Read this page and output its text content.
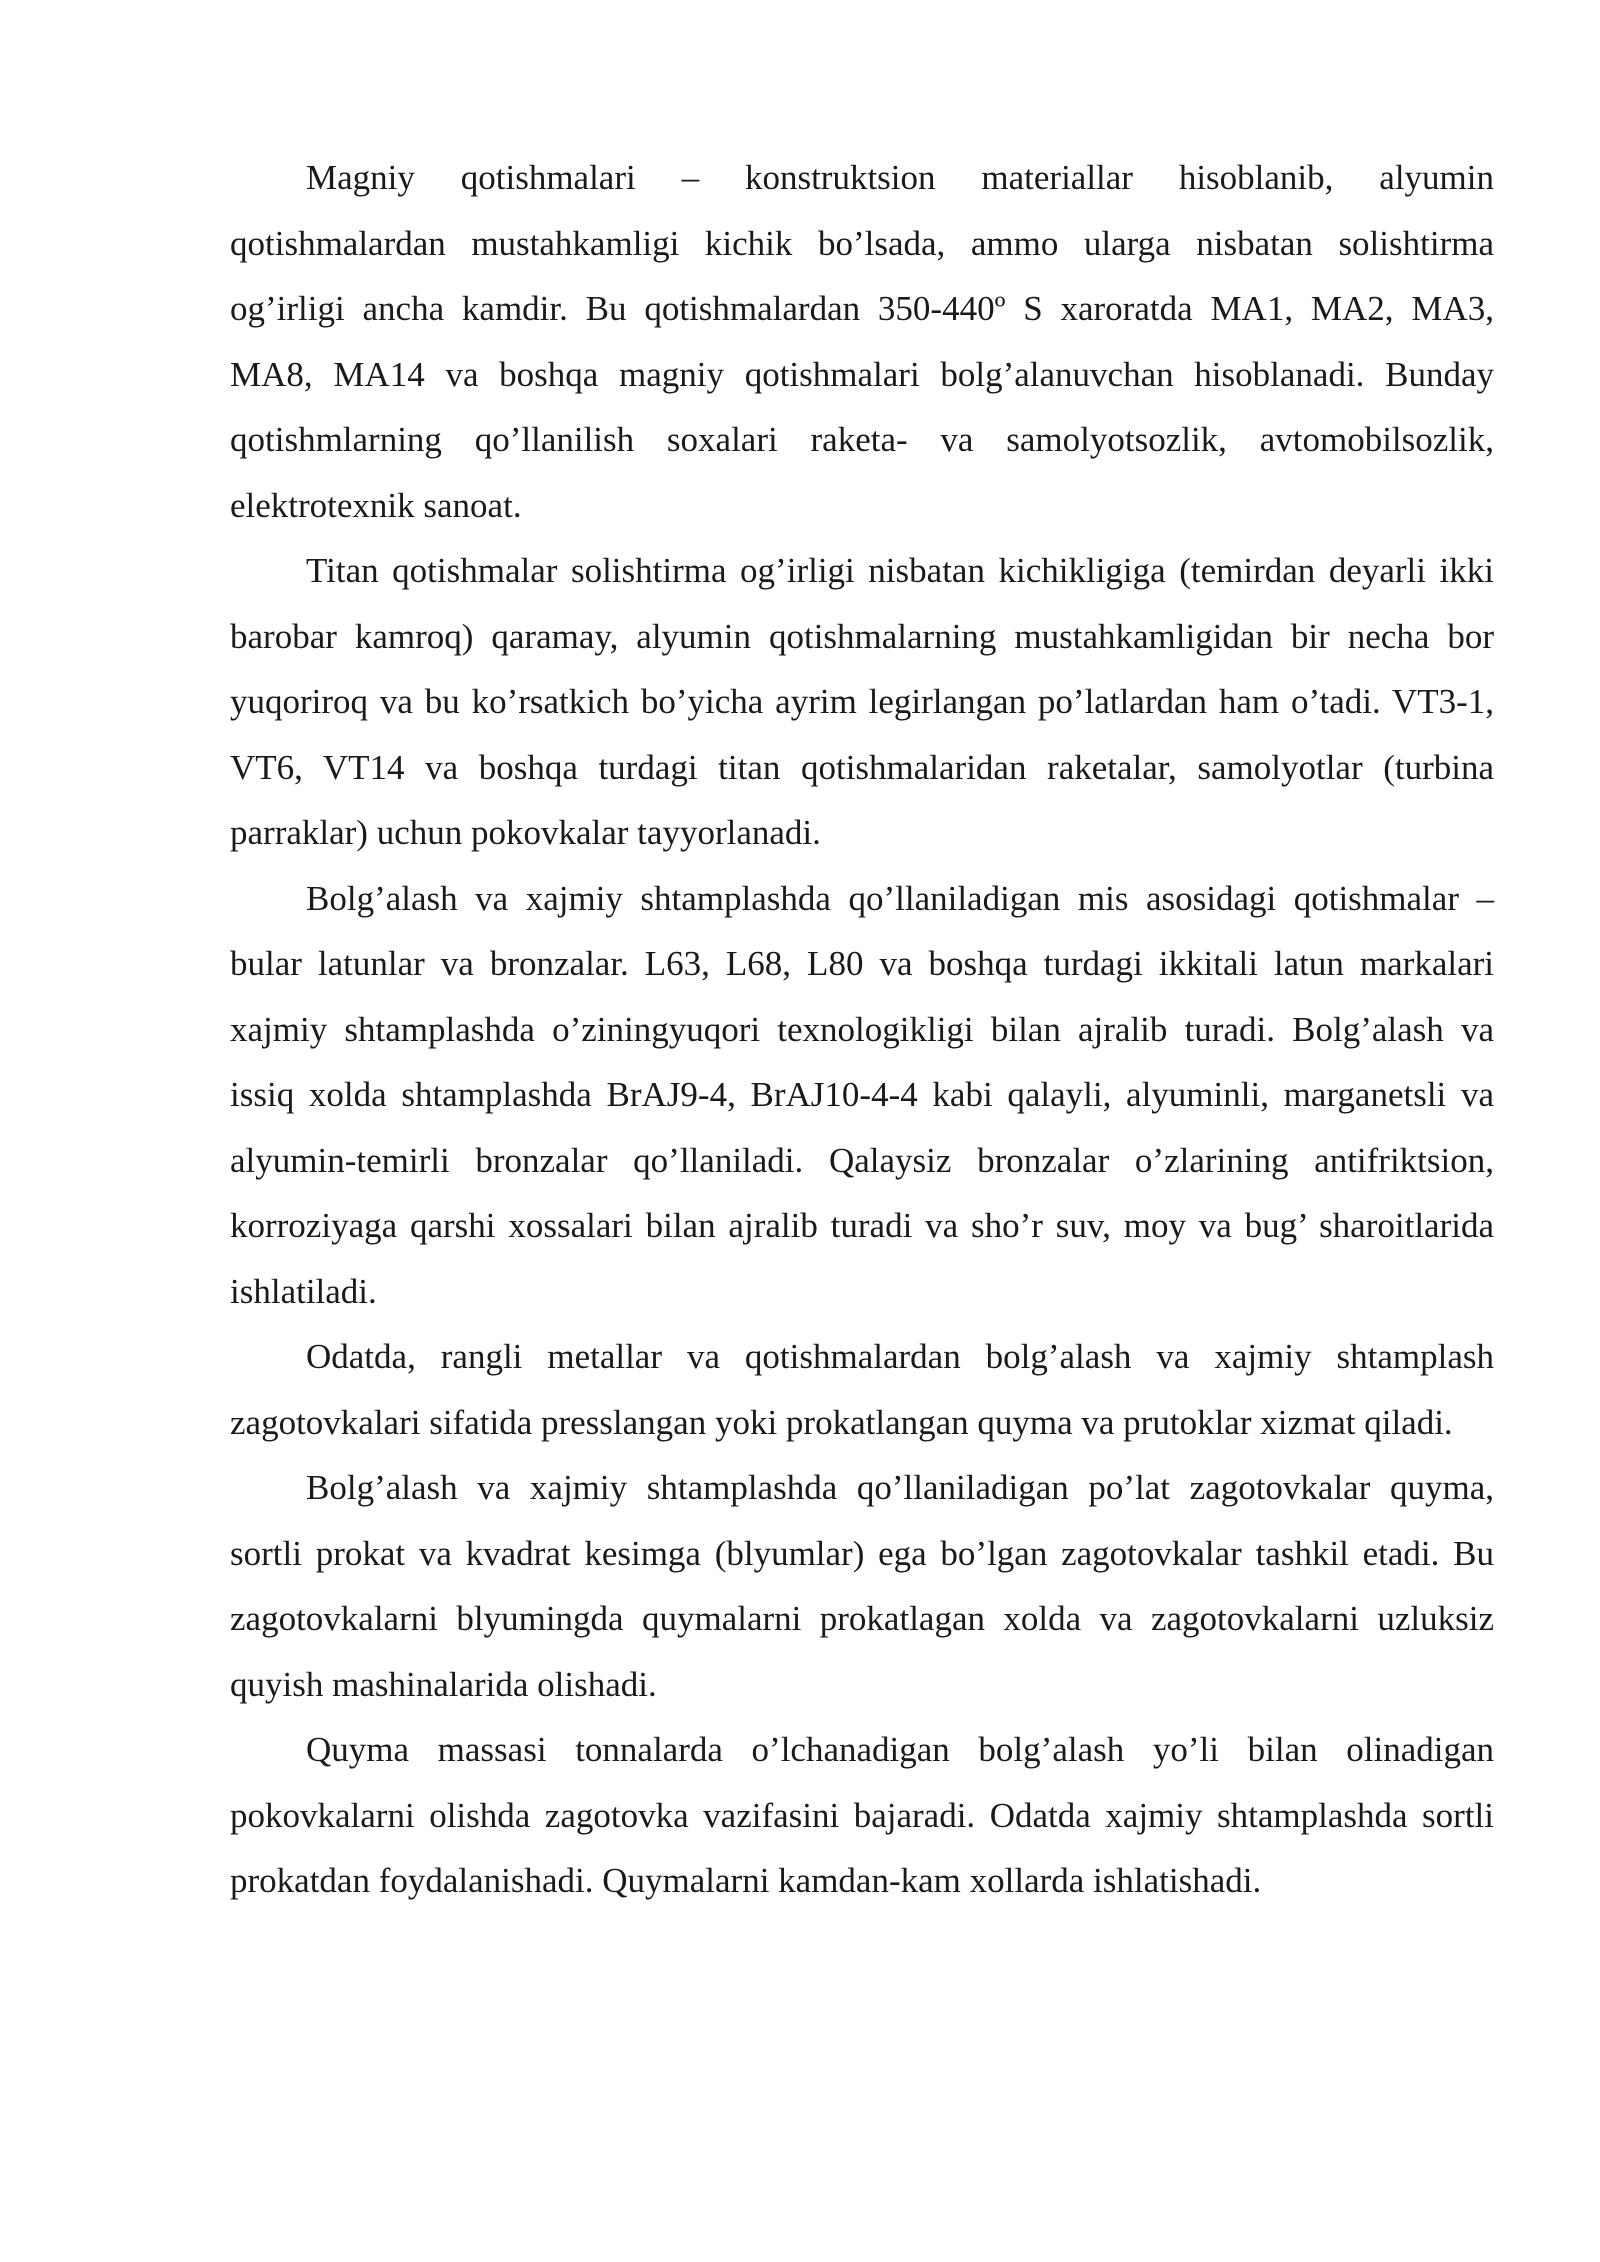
Magniy qotishmalari – konstruktsion materiallar hisoblanib, alyumin qotishmalardan mustahkamligi kichik bo’lsada, ammo ularga nisbatan solishtirma og’irligi ancha kamdir. Bu qotishmalardan 350-440º S xaroratda MA1, MA2, MA3, MA8, MA14 va boshqa magniy qotishmalari bolg’alanuvchan hisoblanadi. Bunday qotishmlarning qo’llanilish soxalari raketa- va samolyotsozlik, avtomobilsozlik, elektrotexnik sanoat.

Titan qotishmalar solishtirma og’irligi nisbatan kichikligiga (temirdan deyarli ikki barobar kamroq) qaramay, alyumin qotishmalarning mustahkamligidan bir necha bor yuqoriroq va bu ko’rsatkich bo’yicha ayrim legirlangan po’latlardan ham o’tadi. VT3-1, VT6, VT14 va boshqa turdagi titan qotishmalaridan raketalar, samolyotlar (turbina parraklar) uchun pokovkalar tayyorlanadi.

Bolg’alash va xajmiy shtamplashda qo’llaniladigan mis asosidagi qotishmalar – bular latunlar va bronzalar. L63, L68, L80 va boshqa turdagi ikkitali latun markalari xajmiy shtamplashda o’ziningyuqori texnologikligi bilan ajralib turadi. Bolg’alash va issiq xolda shtamplashda BrAJ9-4, BrAJ10-4-4 kabi qalayli, alyuminli, marganetsli va alyumin-temirli bronzalar qo’llaniladi. Qalaysiz bronzalar o’zlarining antifriktsion, korroziyaga qarshi xossalari bilan ajralib turadi va sho’r suv, moy va bug’ sharoitlarida ishlatiladi.

Odatda, rangli metallar va qotishmalardan bolg’alash va xajmiy shtamplash zagotovkalari sifatida presslangan yoki prokatlangan quyma va prutoklar xizmat qiladi.

Bolg’alash va xajmiy shtamplashda qo’llaniladigan po’lat zagotovkalar quyma, sortli prokat va kvadrat kesimga (blyumlar) ega bo’lgan zagotovkalar tashkil etadi. Bu zagotovkalarni blyumingda quymalarni prokatlagan xolda va zagotovkalarni uzluksiz quyish mashinalarida olishadi.

Quyma massasi tonnalarda o’lchanadigan bolg’alash yo’li bilan olinadigan pokovkalarni olishda zagotovka vazifasini bajaradi. Odatda xajmiy shtamplashda sortli prokatdan foydalanishadi. Quymalarni kamdan-kam xollarda ishlatishadi.
